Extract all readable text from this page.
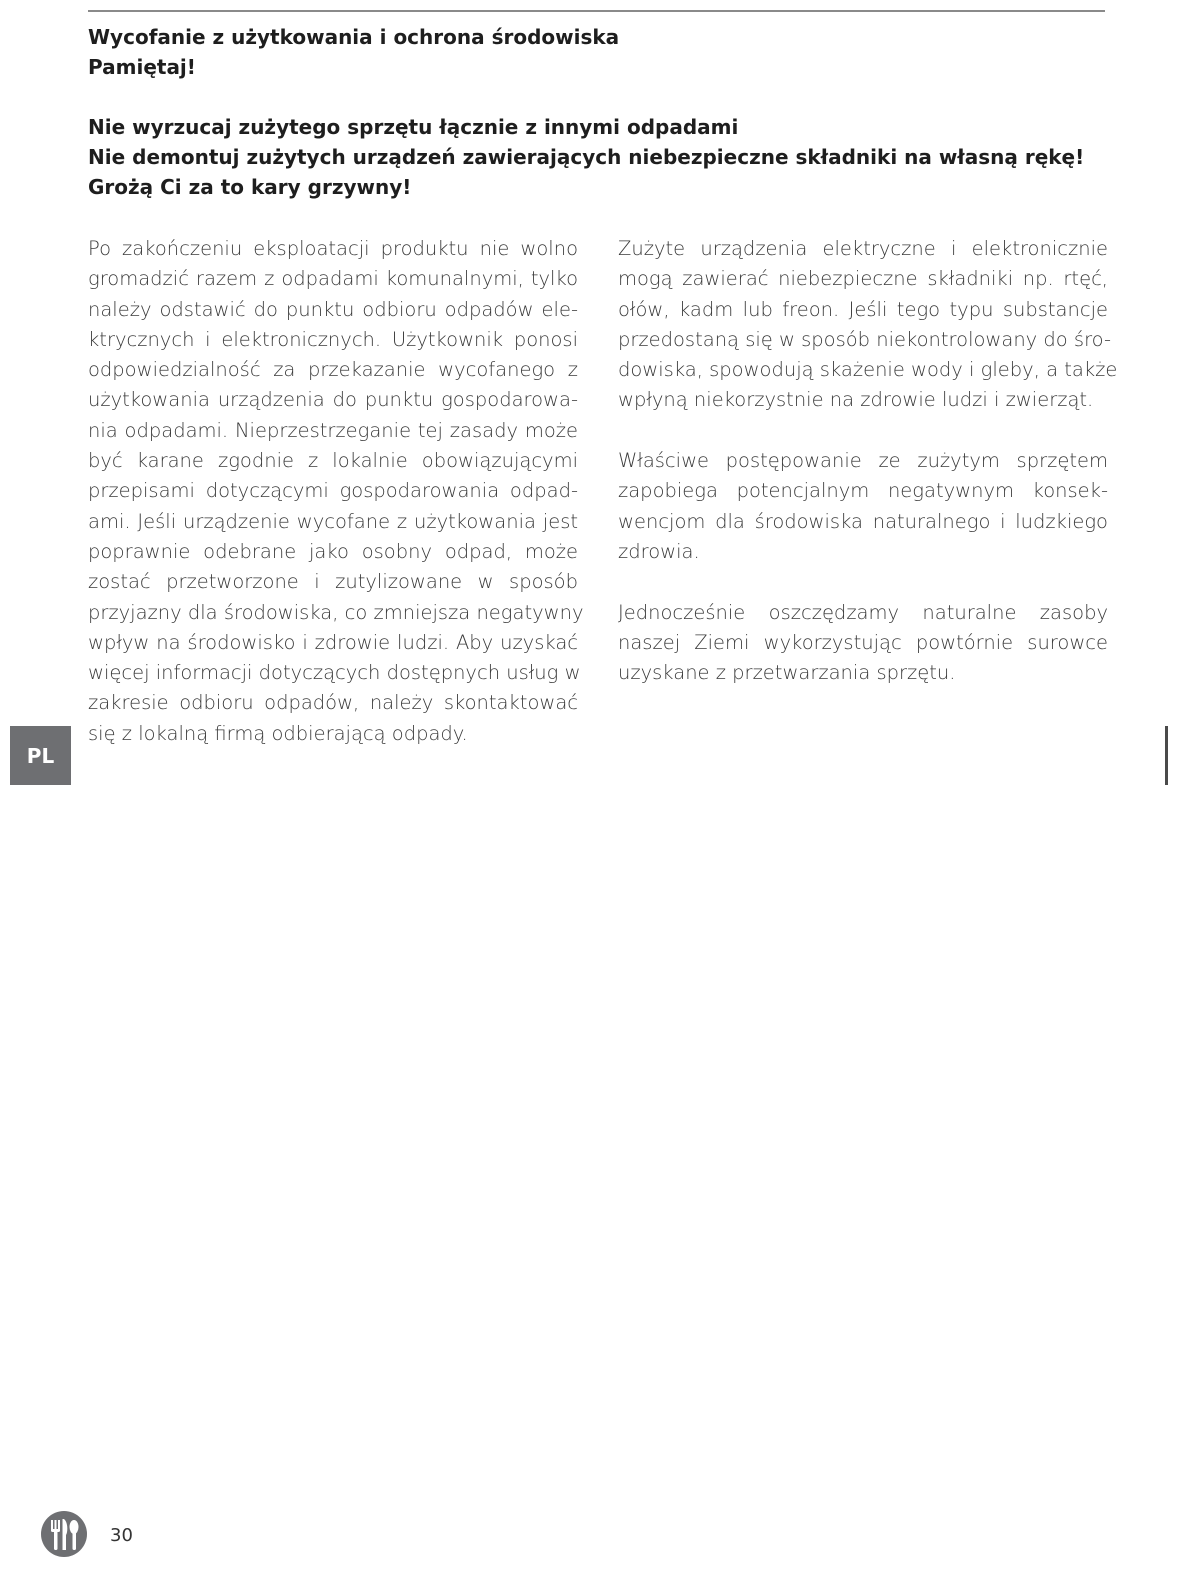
Wycofanie z użytkowania i ochrona środowiska
Pamiętaj!
Nie wyrzucaj zużytego sprzętu łącznie z innymi odpadami
Nie demontuj zużytych urządzeń zawierających niebezpieczne składniki na własną rękę!
Grożą Ci za to kary grzywny!

Po zakończeniu eksploatacji produktu nie wolno
gromadzić razem z odpadami komunalnymi, tylko
należy odstawić do punktu odbioru odpadów ele-
ktrycznych i elektronicznych. Użytkownik ponosi
odpowiedzialność za przekazanie wycofanego z
użytkowania urządzenia do punktu gospodarowa-
nia odpadami. Nieprzestrzeganie tej zasady może
być karane zgodnie z lokalnie obowiązującymi
przepisami dotyczącymi gospodarowania odpad-
ami. Jeśli urządzenie wycofane z użytkowania jest
poprawnie odebrane jako osobny odpad, może
zostać przetworzone i zutylizowane w sposób
przyjazny dla środowiska, co zmniejsza negatywny
wpływ na środowisko i zdrowie ludzi. Aby uzyskać
więcej informacji dotyczących dostępnych usług w
zakresie odbioru odpadów, należy skontaktować
się z lokalną firmą odbierającą odpady.

Zużyte urządzenia elektryczne i elektronicznie
mogą zawierać niebezpieczne składniki np. rtęć,
ołów, kadm lub freon. Jeśli tego typu substancje
przedostaną się w sposób niekontrolowany do śro-
dowiska, spowodują skażenie wody i gleby, a także
wpłyną niekorzystnie na zdrowie ludzi i zwierząt.

Właściwe postępowanie ze zużytym sprzętem
zapobiega potencjalnym negatywnym konsek-
wencjom dla środowiska naturalnego i ludzkiego
zdrowia.

Jednocześnie oszczędzamy naturalne zasoby
naszej Ziemi wykorzystując powtórnie surowce
uzyskane z przetwarzania sprzętu.

PL
30
